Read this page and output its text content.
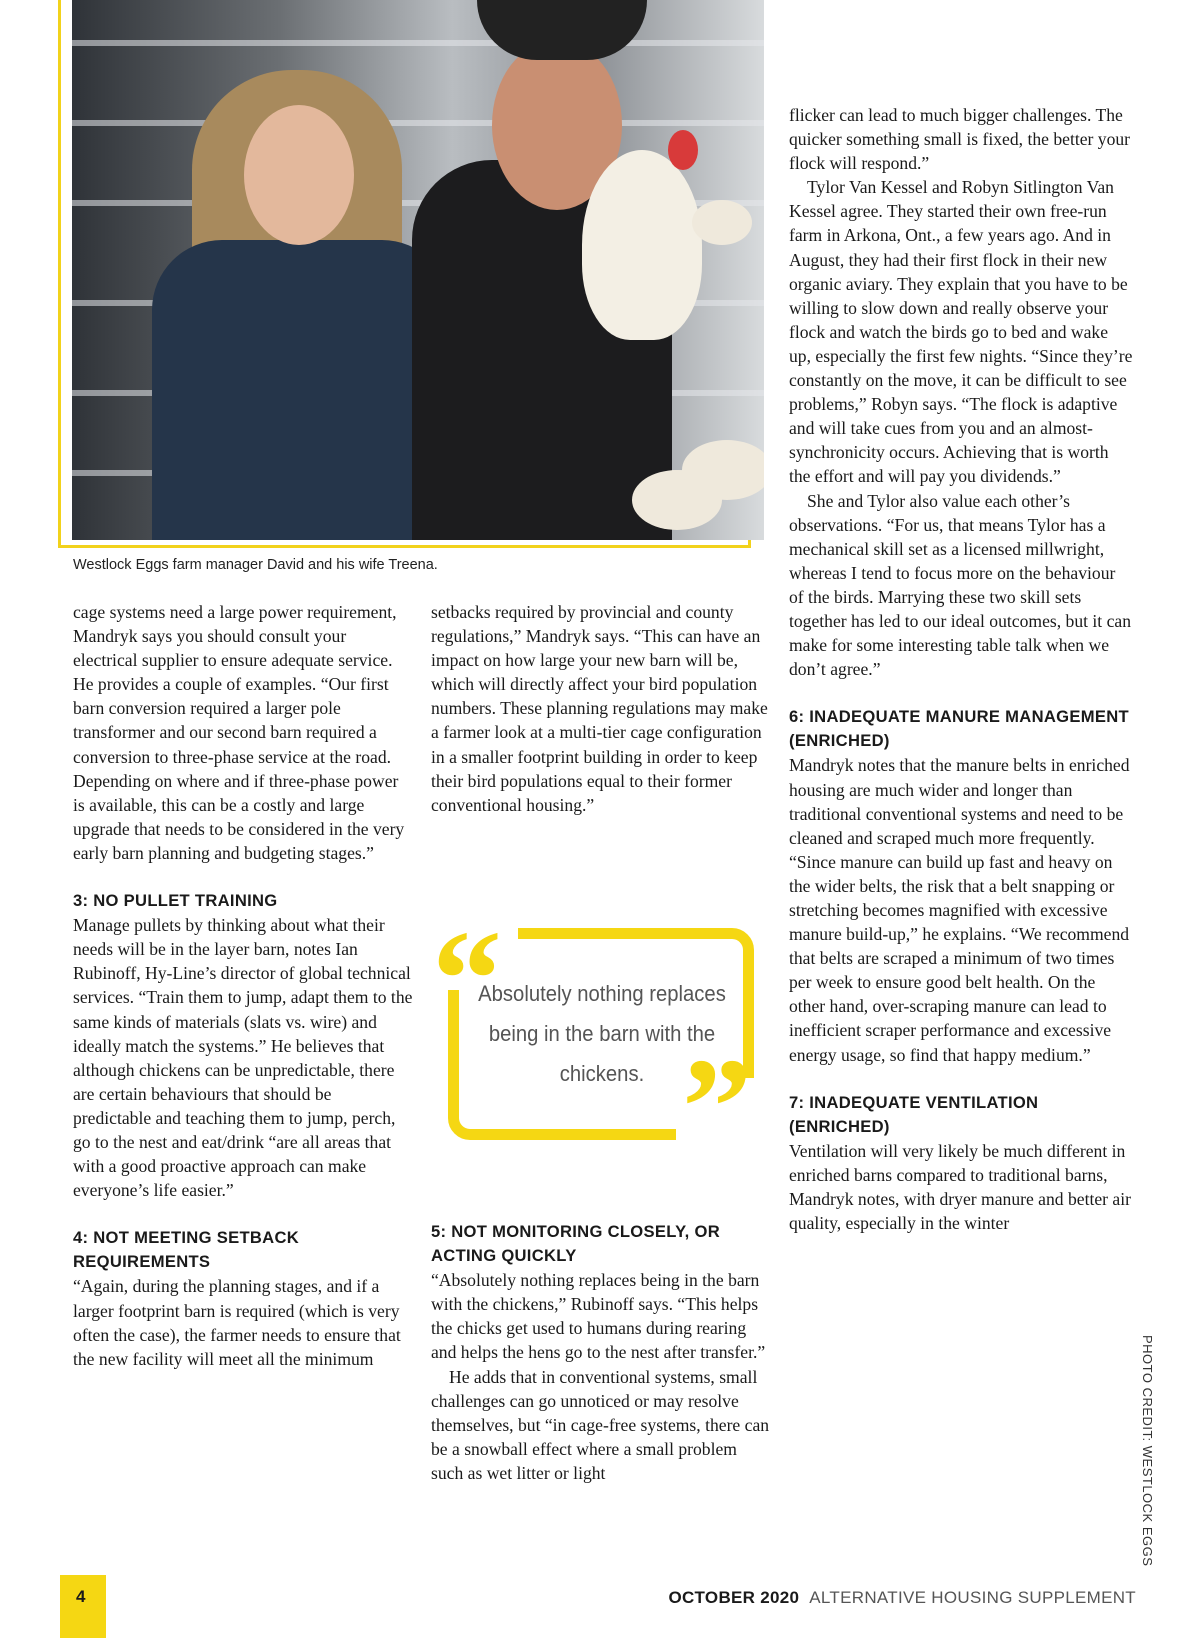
Westlock Eggs farm manager David and his wife Treena.

cage systems need a large power requirement, Mandryk says you should consult your electrical supplier to ensure adequate service. He provides a couple of examples. “Our first barn conversion required a larger pole transformer and our second barn required a conversion to three-phase service at the road. Depending on where and if three-phase power is available, this can be a costly and large upgrade that needs to be considered in the very early barn planning and budgeting stages.”

3: NO PULLET TRAINING

Manage pullets by thinking about what their needs will be in the layer barn, notes Ian Rubinoff, Hy-Line’s director of global technical services. “Train them to jump, adapt them to the same kinds of materials (slats vs. wire) and ideally match the systems.” He believes that although chickens can be unpredictable, there are certain behaviours that should be predictable and teaching them to jump, perch, go to the nest and eat/drink “are all areas that with a good proactive approach can make everyone’s life easier.”

4: NOT MEETING SETBACK REQUIREMENTS

“Again, during the planning stages, and if a larger footprint barn is required (which is very often the case), the farmer needs to ensure that the new facility will meet all the minimum

setbacks required by provincial and county regulations,” Mandryk says. “This can have an impact on how large your new barn will be, which will directly affect your bird population numbers. These planning regulations may make a farmer look at a multi-tier cage configuration in a smaller footprint building in order to keep their bird populations equal to their former conventional housing.”

“
”
Absolutely nothing replaces being in the barn with the chickens.
5: NOT MONITORING CLOSELY, OR ACTING QUICKLY

“Absolutely nothing replaces being in the barn with the chickens,” Rubinoff says. “This helps the chicks get used to humans during rearing and helps the hens go to the nest after transfer.”

He adds that in conventional systems, small challenges can go unnoticed or may resolve themselves, but “in cage-free systems, there can be a snowball effect where a small problem such as wet litter or light

flicker can lead to much bigger challenges. The quicker something small is fixed, the better your flock will respond.”

Tylor Van Kessel and Robyn Sitlington Van Kessel agree. They started their own free-run farm in Arkona, Ont., a few years ago. And in August, they had their first flock in their new organic aviary. They explain that you have to be willing to slow down and really observe your flock and watch the birds go to bed and wake up, especially the first few nights. “Since they’re constantly on the move, it can be difficult to see problems,” Robyn says. “The flock is adaptive and will take cues from you and an almost-synchronicity occurs. Achieving that is worth the effort and will pay you dividends.”

She and Tylor also value each other’s observations. “For us, that means Tylor has a mechanical skill set as a licensed millwright, whereas I tend to focus more on the behaviour of the birds. Marrying these two skill sets together has led to our ideal outcomes, but it can make for some interesting table talk when we don’t agree.”

6: INADEQUATE MANURE MANAGEMENT (ENRICHED)

Mandryk notes that the manure belts in enriched housing are much wider and longer than traditional conventional systems and need to be cleaned and scraped much more frequently. “Since manure can build up fast and heavy on the wider belts, the risk that a belt snapping or stretching becomes magnified with excessive manure build-up,” he explains. “We recommend that belts are scraped a minimum of two times per week to ensure good belt health. On the other hand, over-scraping manure can lead to inefficient scraper performance and excessive energy usage, so find that happy medium.”

7: INADEQUATE VENTILATION (ENRICHED)

Ventilation will very likely be much different in enriched barns compared to traditional barns, Mandryk notes, with dryer manure and better air quality, especially in the winter

PHOTO CREDIT: WESTLOCK EGGS
4	OCTOBER 2020 ALTERNATIVE HOUSING SUPPLEMENT
